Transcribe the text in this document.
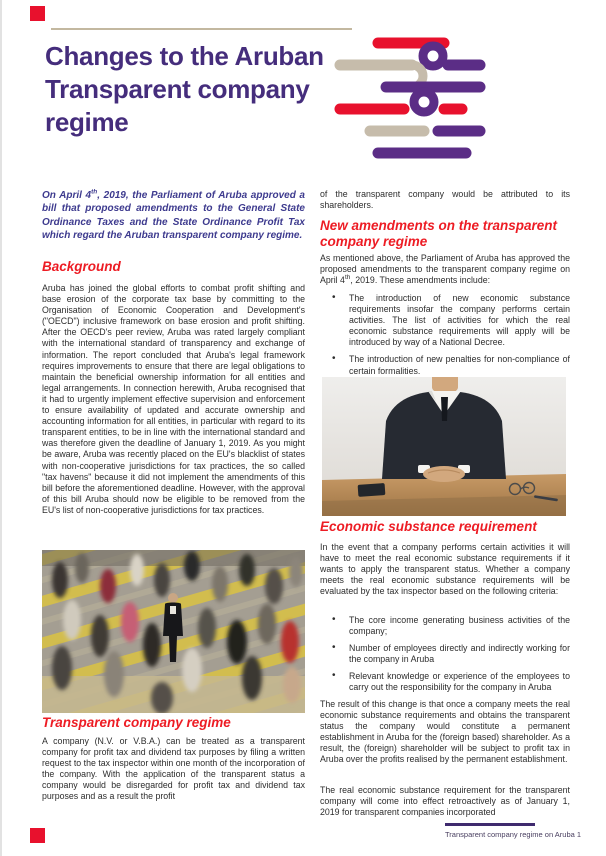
Changes to the Aruban Transparent company regime

On April 4th, 2019, the Parliament of Aruba approved a bill that proposed amendments to the General State Ordinance Taxes and the State Ordinance Profit Tax which regard the Aruban transparent company regime.

Background

Aruba has joined the global efforts to combat profit shifting and base erosion of the corporate tax base by committing to the Organisation of Economic Cooperation and Development's ("OECD") inclusive framework on base erosion and profit shifting. After the OECD's peer review, Aruba was rated largely compliant with the international standard of transparency and exchange of information. The report concluded that Aruba's legal framework requires improvements to ensure that there are legal obligations to maintain the beneficial ownership information for all entities and legal arrangements. In connection herewith, Aruba recognised that it had to urgently implement effective supervision and enforcement to ensure availability of updated and accurate ownership and accounting information for all entities, in particular with regard to its transparent entities, to be in line with the international standard and was therefore given the deadline of January 1, 2019. As you might be aware, Aruba was recently placed on the EU's blacklist of states with non-cooperative jurisdictions for tax practices, the so called "tax havens" because it did not implement the amendments of this bill before the aforementioned deadline. However, with the approval of this bill Aruba should now be eligible to be removed from the EU's list of non-cooperative jurisdictions for tax practices.

Transparent company regime

A company (N.V. or V.B.A.) can be treated as a transparent company for profit tax and dividend tax purposes by filing a written request to the tax inspector within one month of the incorporation of the company. With the application of the transparent status a company would be disregarded for profit tax and dividend tax purposes and as a result the profit

of the transparent company would be attributed to its shareholders.

New amendments on the transparent company regime

As mentioned above, the Parliament of Aruba has approved the proposed amendments to the transparent company regime on April 4th, 2019. These amendments include:

• The introduction of new economic substance requirements insofar the company performs certain activities. The list of activities for which the real economic substance requirements will apply will be introduced by way of a National Decree.
• The introduction of new penalties for non-compliance of certain formalities.
Economic substance requirement

In the event that a company performs certain activities it will have to meet the real economic substance requirements if it wants to apply the transparent status. Whether a company meets the real economic substance requirements will be evaluated by the tax inspector based on the following criteria:

• The core income generating business activities of the company;
• Number of employees directly and indirectly working for the company in Aruba
• Relevant knowledge or experience of the employees to carry out the responsibility for the company in Aruba

The result of this change is that once a company meets the real economic substance requirements and obtains the transparent status the company would constitute a permanent establishment in Aruba for the (foreign based) shareholder. As a result, the (foreign) shareholder will be subject to profit tax in Aruba over the profits realised by the permanent establishment.

The real economic substance requirement for the transparent company will come into effect retroactively as of January 1, 2019 for transparent companies incorporated

Transparent company regime on Aruba 1
